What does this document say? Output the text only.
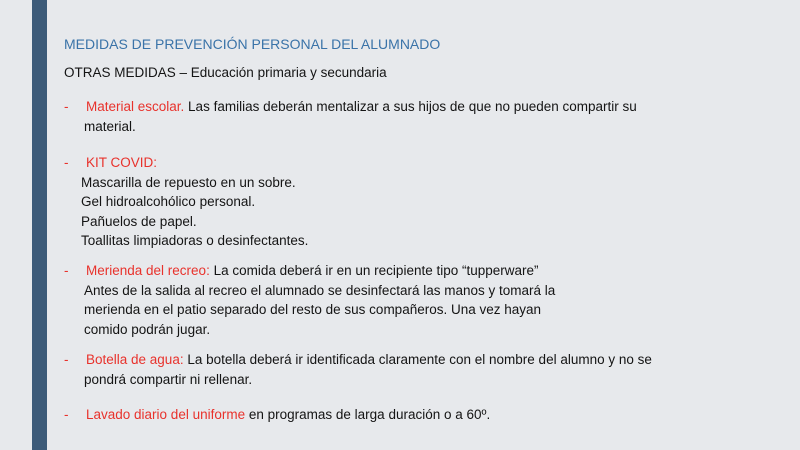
MEDIDAS DE PREVENCIÓN PERSONAL DEL ALUMNADO
OTRAS MEDIDAS – Educación primaria y secundaria
- Material escolar. Las familias deberán mentalizar a sus hijos de que no pueden compartir su
material.
- KIT COVID:
Mascarilla de repuesto en un sobre.
Gel hidroalcohólico personal.
Pañuelos de papel.
Toallitas limpiadoras o desinfectantes.
- Merienda del recreo: La comida deberá ir en un recipiente tipo “tupperware”
Antes de la salida al recreo el alumnado se desinfectará las manos y tomará la
merienda en el patio separado del resto de sus compañeros. Una vez hayan
comido podrán jugar.
- Botella de agua: La botella deberá ir identificada claramente con el nombre del alumno y no se
pondrá compartir ni rellenar.
- Lavado diario del uniforme en programas de larga duración o a 60º.
